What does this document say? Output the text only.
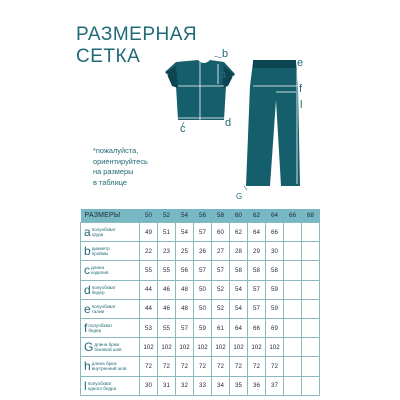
РАЗМЕРНАЯ
СЕТКА	b
a
c	d
e
f
l
G
*пожалуйста,
ориентируйтесь
на размеры
в таблице
РАЗМЕРЫ	50	52	54	56	58	60	62	64	66	68
a полуобхват
груди	49	51	54	57	60	62	64	66		
b диаметр
проймы	22	23	25	26	27	28	29	30		
c длина
изделия	55	55	56	57	57	58	58	58		
d полуобхват
бедер	44	46	48	50	52	54	57	59		
e полуобхват
талии	44	46	48	50	52	54	57	59		
f полуобхват
бедер	53	55	57	59	61	64	66	69		
G длина брюк
боковой шов	102	102	102	102	102	102	102	102		
h длина брюк
внутренний шов	72	72	72	72	72	72	72	72		
l полуобхват
одного бедра	30	31	32	33	34	35	36	37		
